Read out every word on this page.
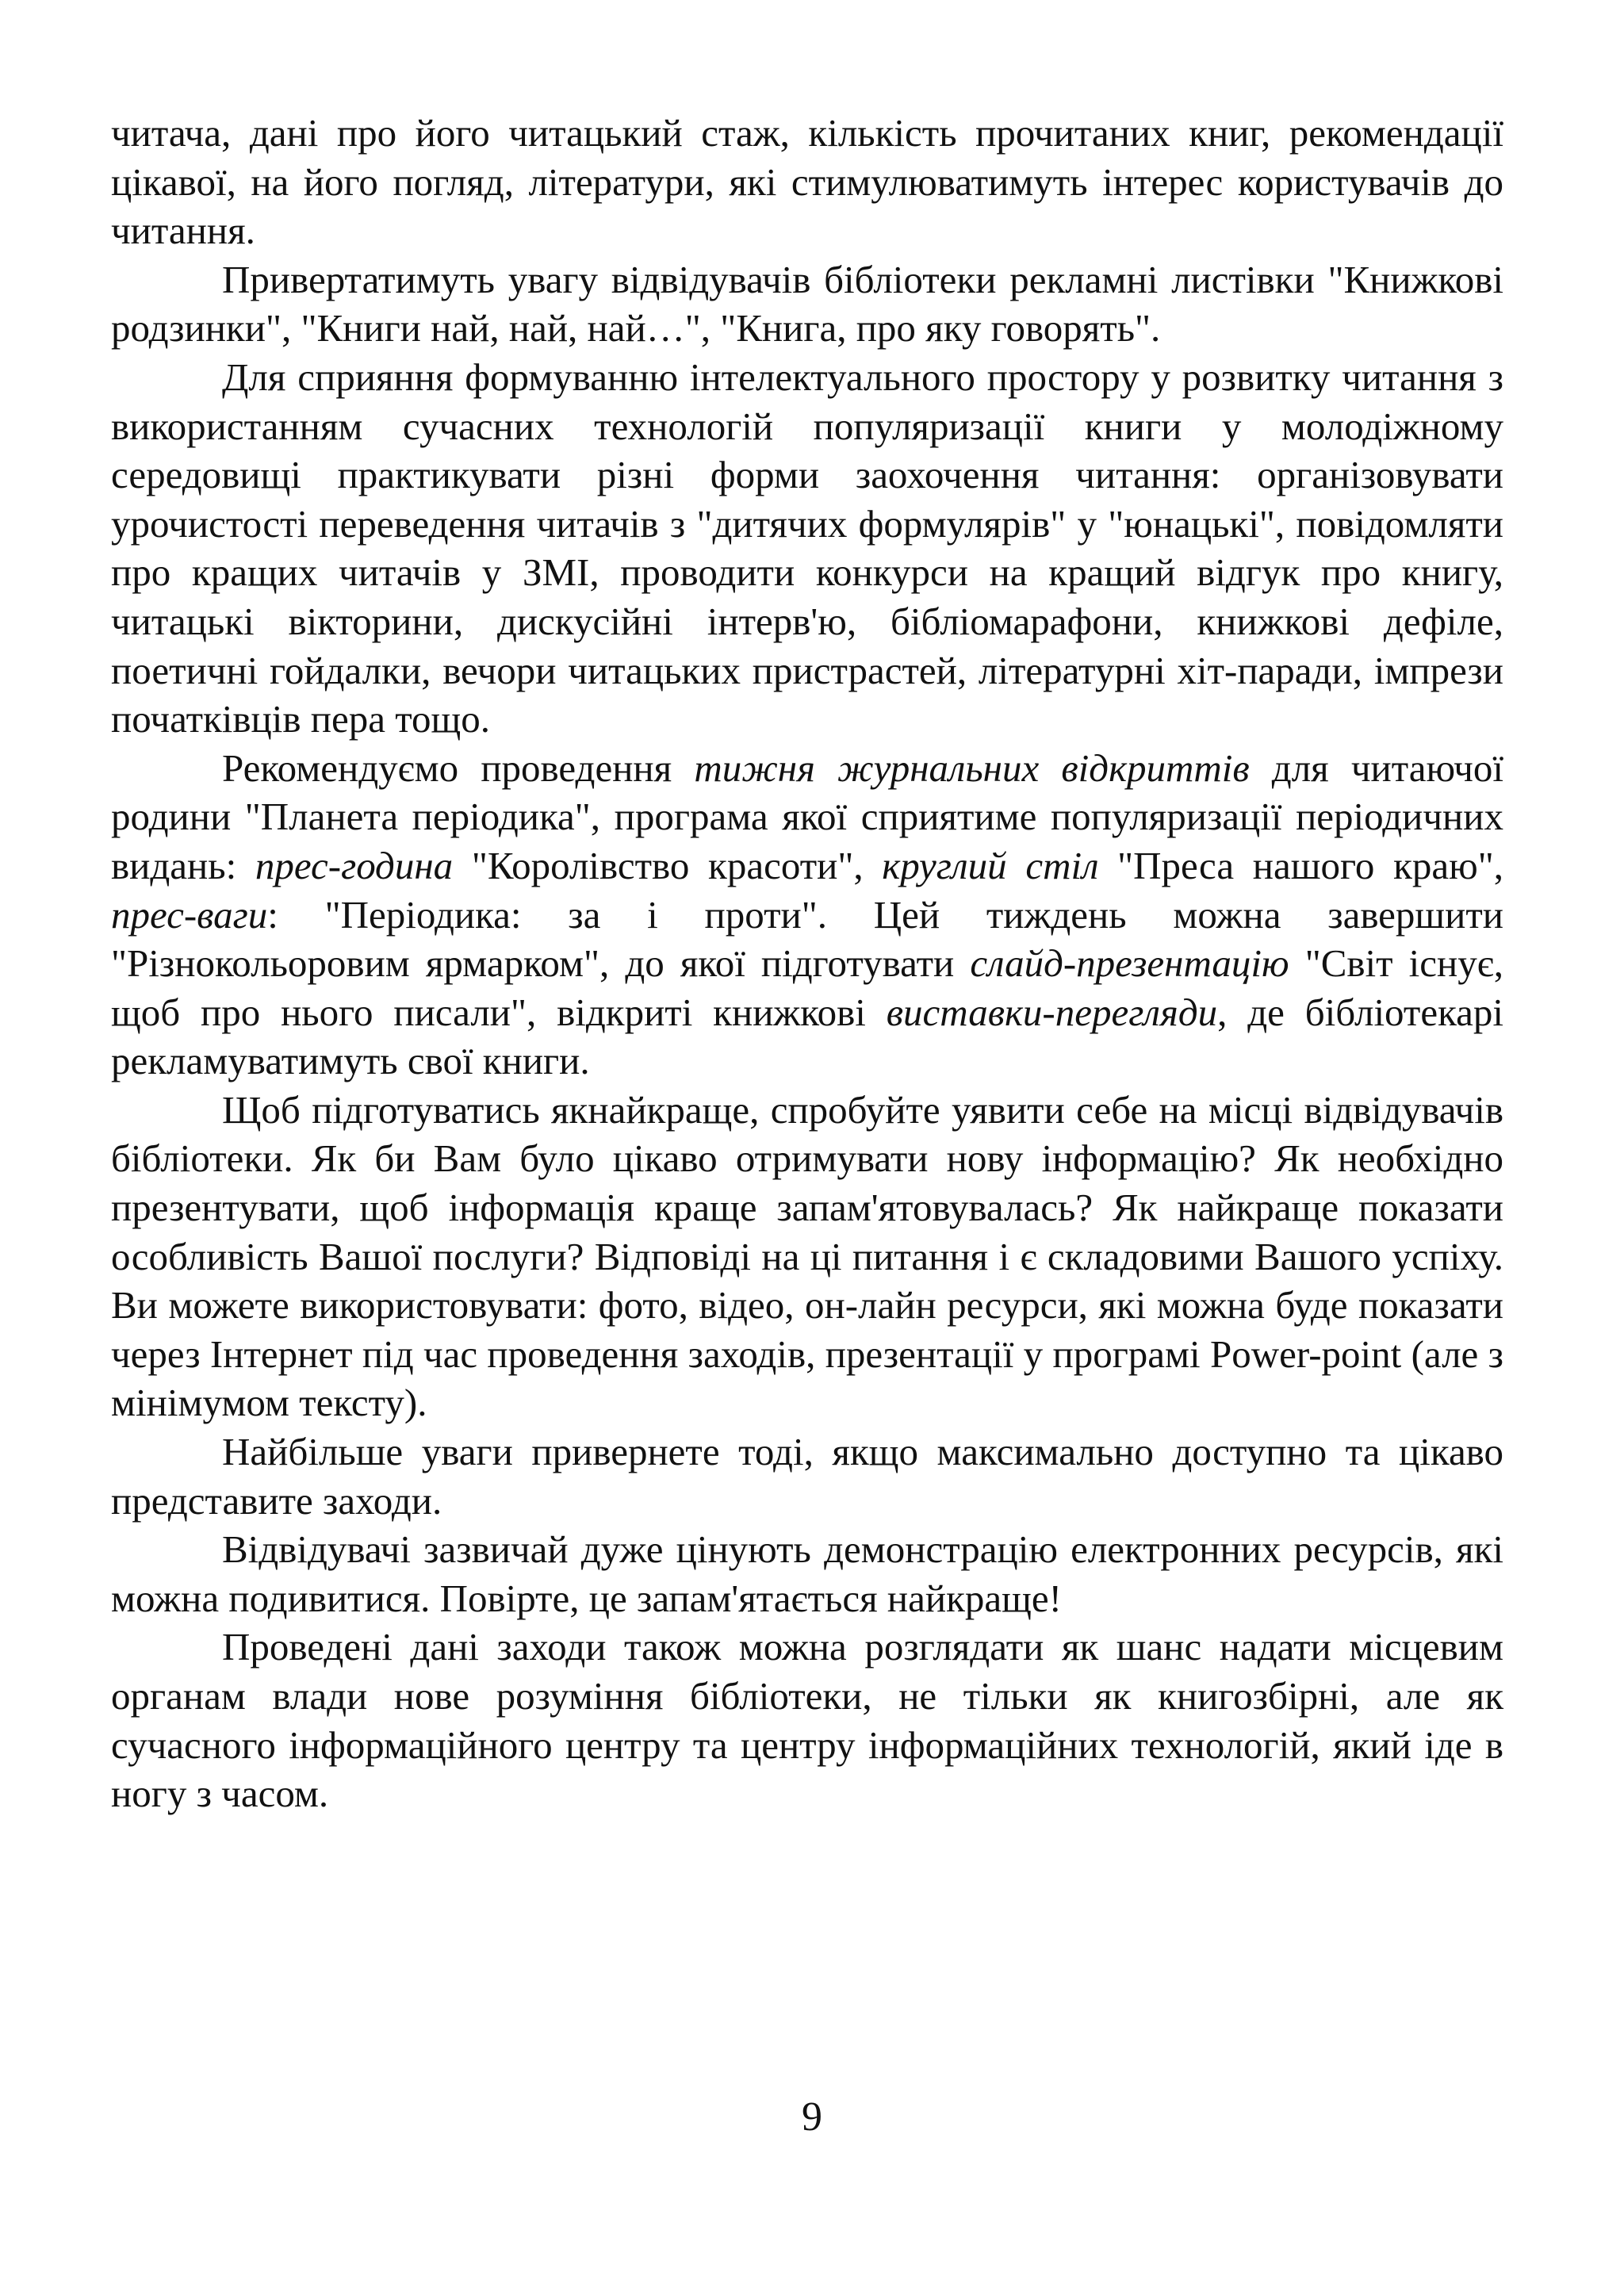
читача, дані про його читацький стаж, кількість прочитаних книг, рекомендації цікавої, на його погляд, літератури, які стимулюватимуть інтерес користувачів до читання.

Привертатимуть увагу відвідувачів бібліотеки рекламні листівки "Книжкові родзинки", "Книги най, най, най…", "Книга, про яку говорять".

Для сприяння формуванню інтелектуального простору у розвитку читання з використанням сучасних технологій популяризації книги у молодіжному середовищі практикувати різні форми заохочення читання: організовувати урочистості переведення читачів з "дитячих формулярів" у "юнацькі", повідомляти про кращих читачів у ЗМІ, проводити конкурси на кращий відгук про книгу, читацькі вікторини, дискусійні інтерв'ю, бібліомарафони, книжкові дефіле, поетичні гойдалки, вечори читацьких пристрастей, літературні хіт-паради, імпрези початківців пера тощо.

Рекомендуємо проведення тижня журнальних відкриттів для читаючої родини "Планета періодика", програма якої сприятиме популяризації періодичних видань: прес-година "Королівство красоти", круглий стіл "Преса нашого краю", прес-ваги: "Періодика: за і проти". Цей тиждень можна завершити "Різнокольоровим ярмарком", до якої підготувати слайд-презентацію "Світ існує, щоб про нього писали", відкриті книжкові виставки-перегляди, де бібліотекарі рекламуватимуть свої книги.

Щоб підготуватись якнайкраще, спробуйте уявити себе на місці відвідувачів бібліотеки. Як би Вам було цікаво отримувати нову інформацію? Як необхідно презентувати, щоб інформація краще запам'ятовувалась? Як найкраще показати особливість Вашої послуги? Відповіді на ці питання і є складовими Вашого успіху. Ви можете використовувати: фото, відео, он-лайн ресурси, які можна буде показати через Інтернет під час проведення заходів, презентації у програмі Power-point (але з мінімумом тексту).

Найбільше уваги привернете тоді, якщо максимально доступно та цікаво представите заходи.

Відвідувачі зазвичай дуже цінують демонстрацію електронних ресурсів, які можна подивитися. Повірте, це запам'ятається найкраще!

Проведені дані заходи також можна розглядати як шанс надати місцевим органам влади нове розуміння бібліотеки, не тільки як книгозбірні, але як сучасного інформаційного центру та центру інформаційних технологій, який іде в ногу з часом.

9
